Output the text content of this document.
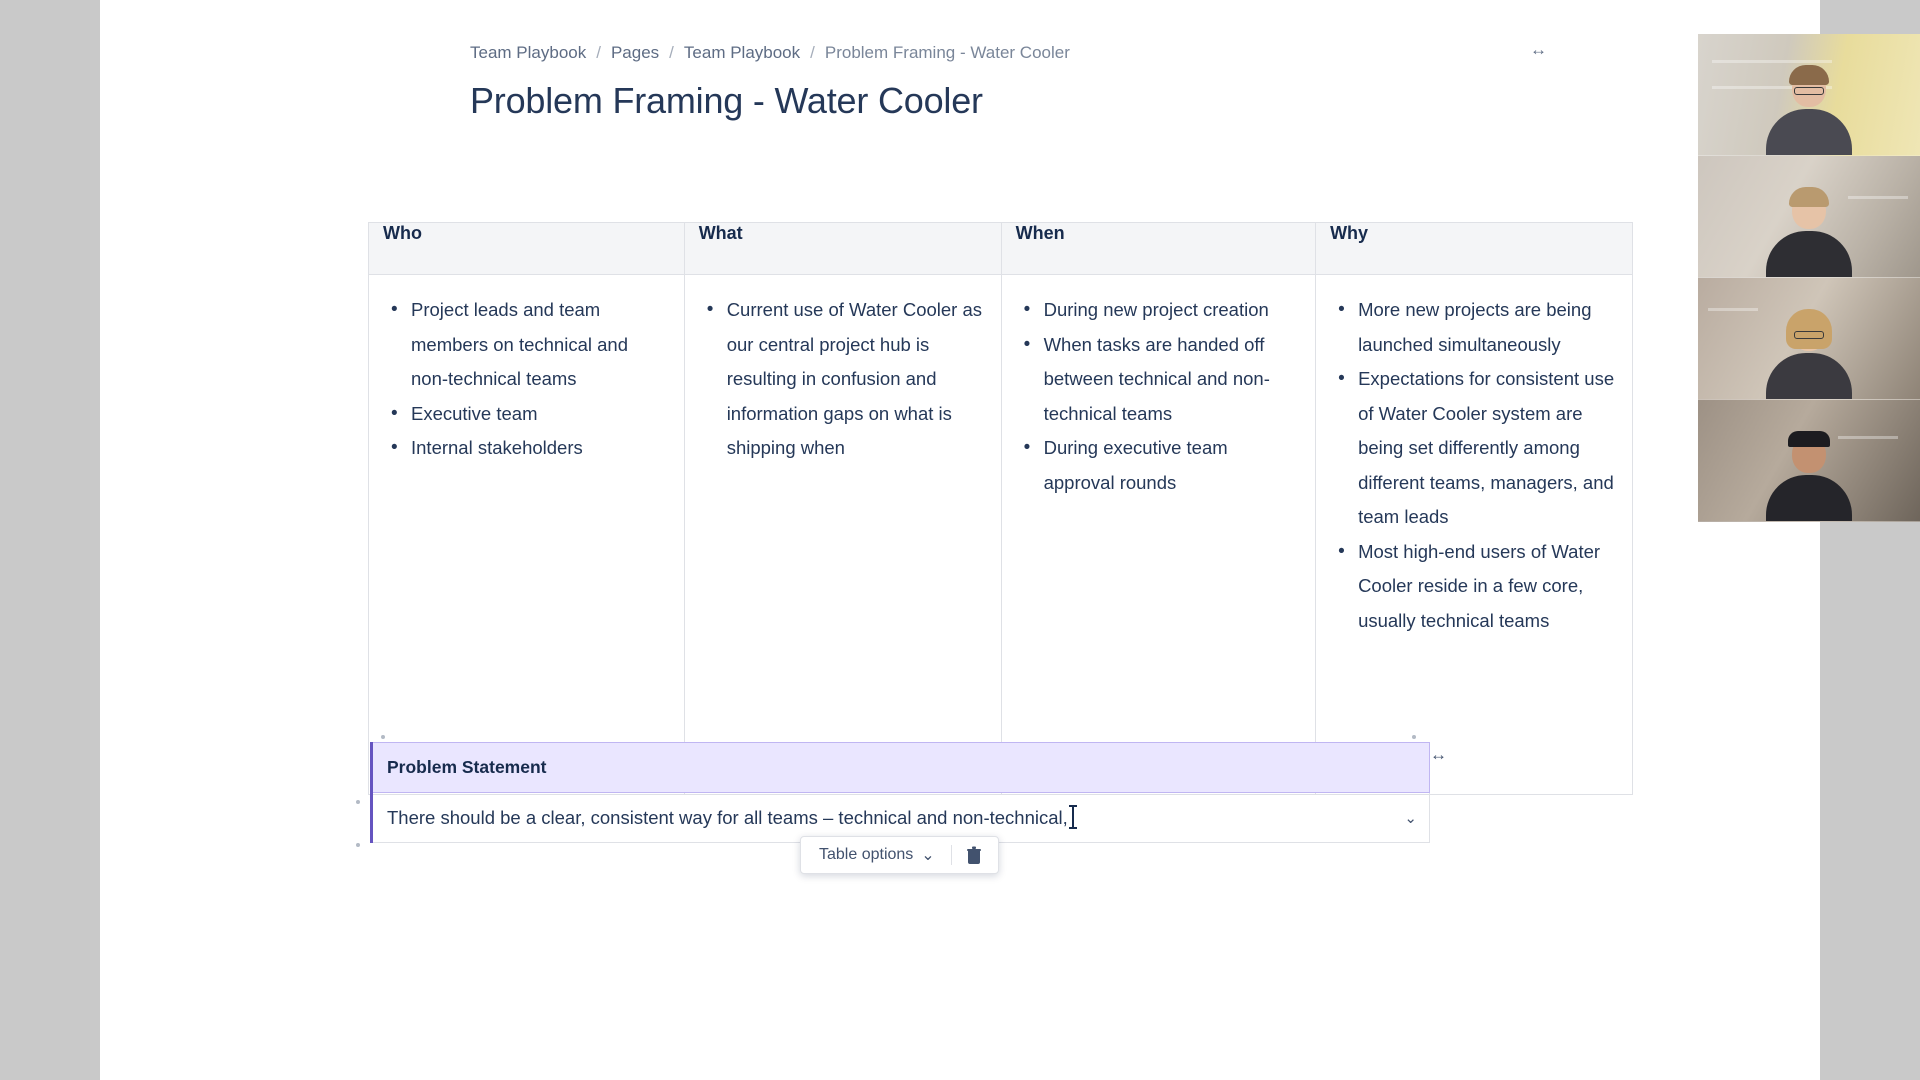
Team Playbook / Pages / Team Playbook / Problem Framing - Water Cooler	↔
Problem Framing - Water Cooler
Who	What	When	Why

• Project leads and team members on technical and non-technical teams
• Executive team
• Internal stakeholders

• Current use of Water Cooler as our central project hub is resulting in confusion and information gaps on what is shipping when

• During new project creation
• When tasks are handed off between technical and non-technical teams
• During executive team approval rounds

• More new projects are being launched simultaneously
• Expectations for consistent use of Water Cooler system are being set differently among different teams, managers, and team leads
• Most high-end users of Water Cooler reside in a few core, usually technical teams
Problem Statement
There should be a clear, consistent way for all teams – technical and non-technical,	⌄
↔
Table options ⌄
